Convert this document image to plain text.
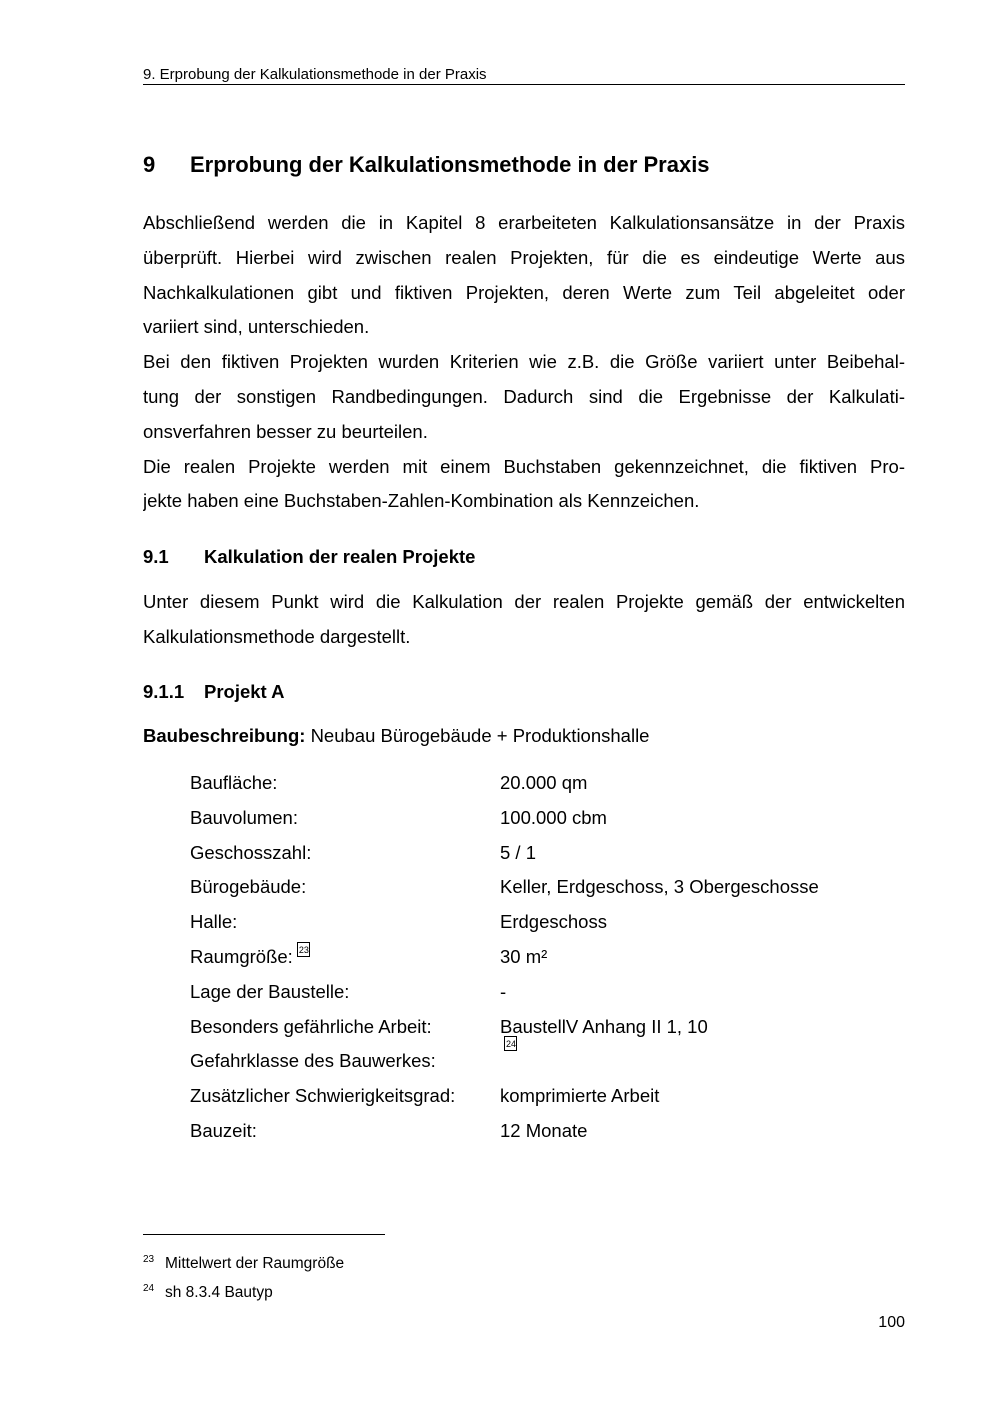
9. Erprobung der Kalkulationsmethode in der Praxis
9 Erprobung der Kalkulationsmethode in der Praxis
Abschließend werden die in Kapitel 8 erarbeiteten Kalkulationsansätze in der Praxis
überprüft. Hierbei wird zwischen realen Projekten, für die es eindeutige Werte aus
Nachkalkulationen gibt und fiktiven Projekten, deren Werte zum Teil abgeleitet oder
variiert sind, unterschieden.
Bei den fiktiven Projekten wurden Kriterien wie z.B. die Größe variiert unter Beibehal-
tung der sonstigen Randbedingungen. Dadurch sind die Ergebnisse der Kalkulati-
onsverfahren besser zu beurteilen.
Die realen Projekte werden mit einem Buchstaben gekennzeichnet, die fiktiven Pro-
jekte haben eine Buchstaben-Zahlen-Kombination als Kennzeichen.
9.1 Kalkulation der realen Projekte
Unter diesem Punkt wird die Kalkulation der realen Projekte gemäß der entwickelten
Kalkulationsmethode dargestellt.
9.1.1 Projekt A
Baubeschreibung: Neubau Bürogebäude + Produktionshalle
Baufläche:	20.000 qm
Bauvolumen:	100.000 cbm
Geschosszahl:	5 / 1
Bürogebäude:	Keller, Erdgeschoss, 3 Obergeschosse
Halle:	Erdgeschoss
Raumgröße: 23	30 m²
Lage der Baustelle:	-
Besonders gefährliche Arbeit:	BaustellV Anhang II 1, 10
Gefahrklasse des Bauwerkes:
24
Zusätzlicher Schwierigkeitsgrad: komprimierte Arbeit
Bauzeit:	12 Monate
$^{23}$ Mittelwert der Raumgröße
$^{24}$ sh 8.3.4 Bautyp
100
